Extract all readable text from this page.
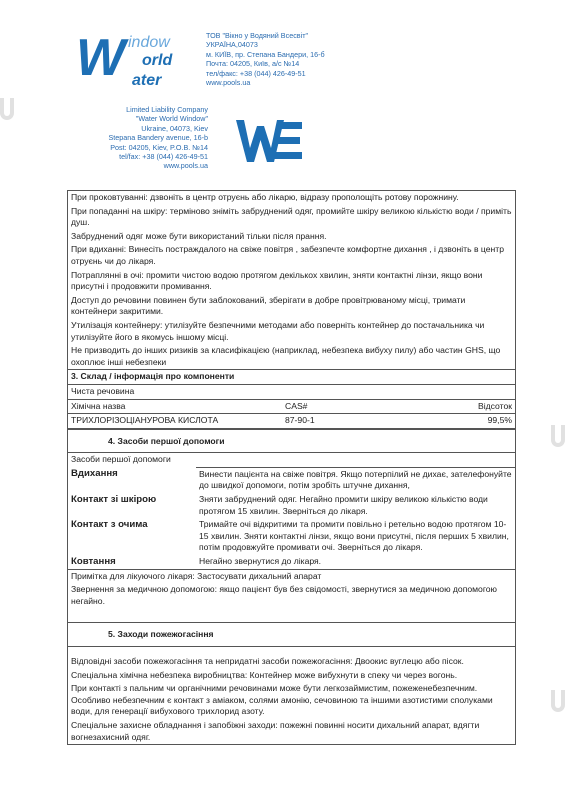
W indow
orld
ater
ТОВ "Вікно у Водяний Всесвіт"
УКРАЇНА,04073
м. КИЇВ, пр. Степана Бандери, 16-б
Почта: 04205, Київ, а/с №14
тел/факс: +38 (044) 426-49-51
www.pools.ua
Limited Liability Company
"Water World Window"
Ukraine, 04073, Kiev
Stepana Bandery avenue, 16-b
Post: 04205, Kiev, P.O.B. №14
tel/fax: +38 (044) 426-49-51
www.pools.ua
При проковтуванні: дзвоніть в центр отруєнь або лікарю, відразу прополощіть ротову порожнину.
При попаданні на шкіру: терміново зніміть забруднений одяг, промийте шкіру великою кількістю води / приміть душ.
Забруднений одяг може бути використаний тільки після прання.
При вдиханні: Винесіть постраждалого на свіже повітря , забезпечте комфортне дихання , і дзвоніть в центр отруєнь чи до лікаря.
Потраплянні в очі: промити чистою водою протягом декількох хвилин, зняти контактні лінзи, якщо вони присутні і продовжити промивання.
Доступ до речовини повинен бути заблокований, зберігати в добре провітрюваному місці, тримати контейнери закритими.
Утилізація контейнеру: утилізуйте безпечними методами або поверніть контейнер до постачальника чи утилізуйте його в якомусь іншому місці.
Не призводить до інших ризиків за класифікацією (наприклад, небезпека вибуху пилу) або частин GHS, що охоплює інші небезпеки
3. Склад / інформація про компоненти
Чиста речовина
Хімічна назва	CAS#	Відсоток
ТРИХЛОРІЗОЦІАНУРОВА КИСЛОТА	87-90-1	99,5%
4. Засоби першої допомоги
Засоби першої допомоги
Вдихання	Винести пацієнта на свіже повітря. Якщо потерпілий не дихає, зателефонуйте до швидкої допомоги, потім зробіть штучне дихання,
Контакт зі шкірою	Зняти забруднений одяг. Негайно промити шкіру великою кількістю води протягом 15 хвилин. Зверніться до лікаря.
Контакт з очима	Тримайте очі відкритими та промити повільно і ретельно водою протягом 10-15 хвилин. Зняти контактні лінзи, якщо вони присутні, після перших 5 хвилин, потім продовжуйте промивати очі. Зверніться до лікаря.
Ковтання	Негайно звернутися до лікаря.
Примітка для лікуючого лікаря: Застосувати дихальний апарат
Звернення за медичною допомогою: якщо пацієнт був без свідомості, звернутися за медичною допомогою негайно.
5. Заходи пожежогасіння
Відповідні засоби пожежогасіння та непридатні засоби пожежогасіння: Двоокис вуглецю або пісок.
Спеціальна хімічна небезпека виробництва: Контейнер може вибухнути в спеку чи через вогонь.
При контакті з пальним чи органічними речовинами може бути легкозаймистим, пожеженебезпечним. Особливо небезпечним є контакт з аміаком, солями амонію, сечовиною та іншими азотистими сполуками води, для генерації вибухового трихлорид азоту.
Спеціальне захисне обладнання і запобіжні заходи: пожежні повинні носити дихальний апарат, вдягти вогнезахисний одяг.
